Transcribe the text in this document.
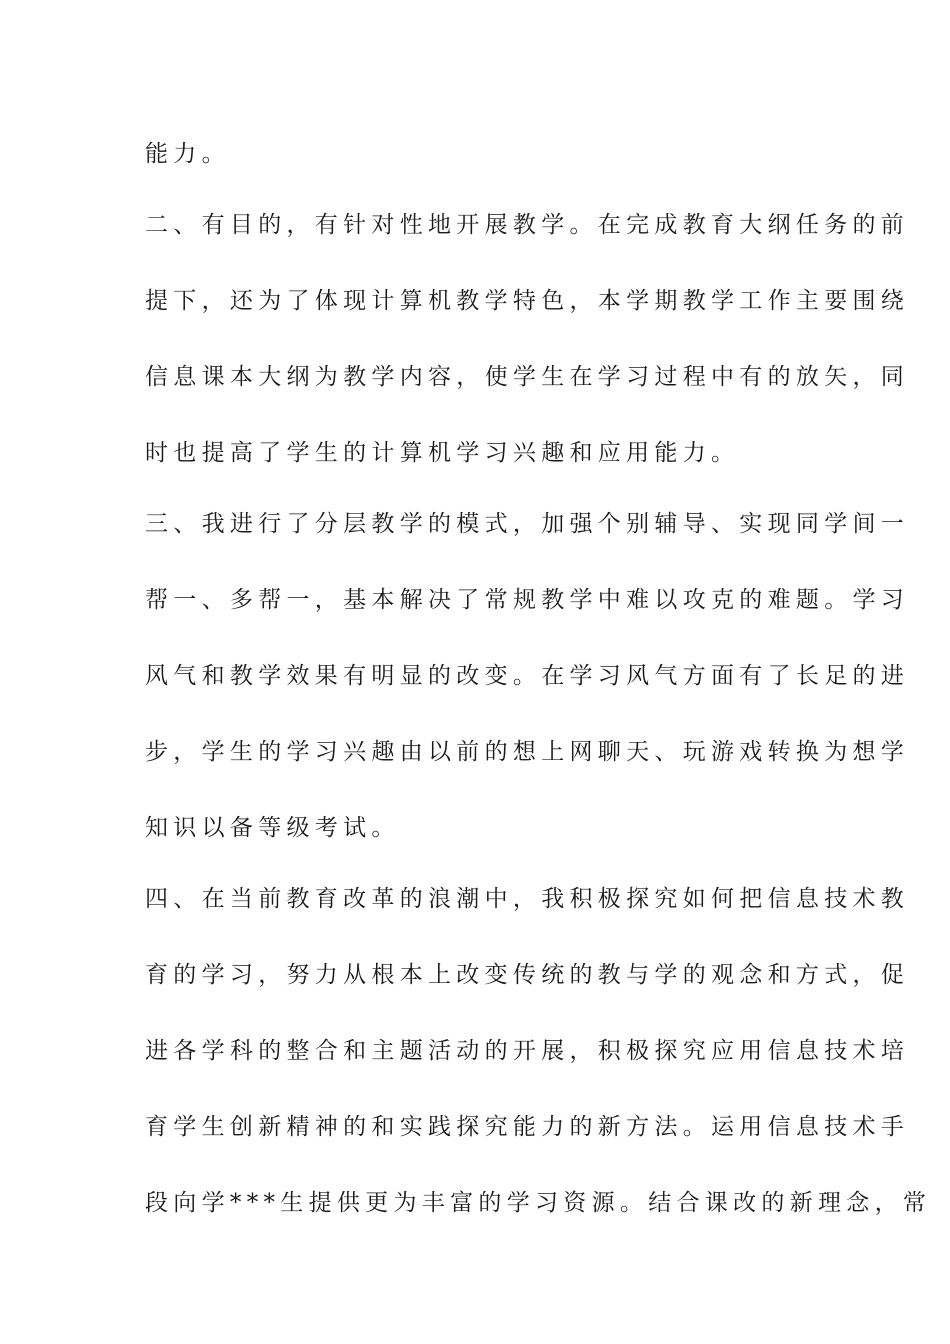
能力。
二、有目的，有针对性地开展教学。在完成教育大纲任务的前
提下，还为了体现计算机教学特色，本学期教学工作主要围绕
信息课本大纲为教学内容，使学生在学习过程中有的放矢，同
时也提高了学生的计算机学习兴趣和应用能力。
三、我进行了分层教学的模式，加强个别辅导、实现同学间一
帮一、多帮一，基本解决了常规教学中难以攻克的难题。学习
风气和教学效果有明显的改变。在学习风气方面有了长足的进
步，学生的学习兴趣由以前的想上网聊天、玩游戏转换为想学
知识以备等级考试。
四、在当前教育改革的浪潮中，我积极探究如何把信息技术教
育的学习，努力从根本上改变传统的教与学的观念和方式，促
进各学科的整合和主题活动的开展，积极探究应用信息技术培
育学生创新精神的和实践探究能力的新方法。运用信息技术手
段向学***生提供更为丰富的学习资源。结合课改的新理念，常
